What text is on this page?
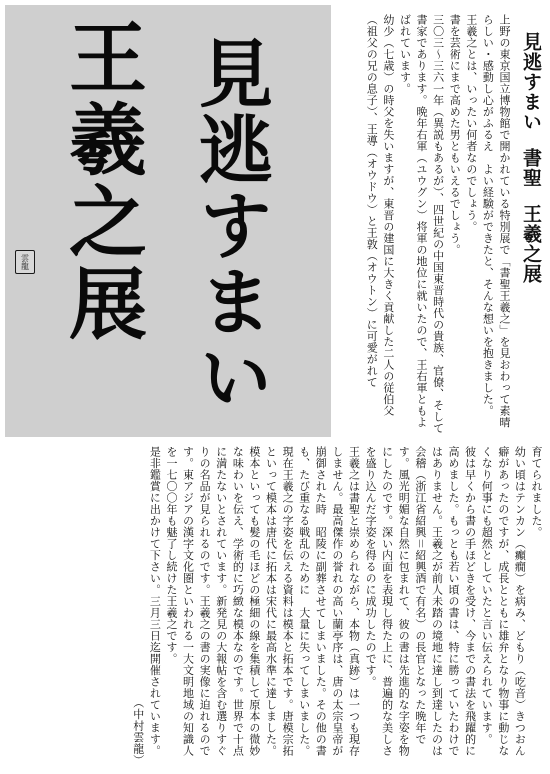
見逃すまい
王羲之展
雲龍
見逃すまい書聖王羲之展

上野の東京国立博物館で開かれている特別展で「書聖王羲之」を見おわって素晴らしい・感動し心がふるえ　よい経験ができたと、そんな想いを抱きました。

王羲之とは、いったい何者なのでしょう。

書を芸術にまで高めた男ともいえるでしょう。

三〇三～三六一年（異説もあるが）、四世紀の中国東晋時代の貴族、官僚、そして書家であります。晩年右軍（ユウグン）将軍の地位に就いたので、王右軍ともよばれています。

幼少（七歳）の時父を失いますが、東晋の建国に大きく貢献した二人の従伯父（祖父の兄の息子）、王導（オウドウ）と王敦（オウトン）に可愛がれて

育てられました。

幼い頃はテンカン（癲癇）を病み、どもり（吃音）きつおん癖があったのですが、成長とともに雄弁となり物事に動じなくなり何事にも超然としていたと言い伝えられています。

彼は早くから書の手ほどきを受け、今までの書法を飛躍的に高めました。もっとも若い頃の書は、特に勝っていたわけではありません。王羲之が前人未踏の境地に達し到達したのは会稽（浙江省紹興＝紹興酒で有名）の長官となった晩年です。風光明媚な自然に包まれて、彼の書は先進的な字姿を物にしたのです。深い内面を表現し得た上に、普遍的な美しさを盛り込んだ字姿を得るのに成功したのです。

王羲之は書聖と崇められながら、本物（真跡）は一つも現存しません。最高傑作の誉れの高い蘭亭序は、唐の太宗皇帝が崩御された時　昭陵に副葬させてしまいました。その他の書も、たび重なる戦乱のために　大量に失ってしまいました。現在王羲之の字姿を伝える資料は模本と拓本です。唐模宗拓といって模本は唐代に拓本は宋代に最高水準に達しました。模本といっても髪の毛ほどの極細の線を集積して原本の微妙な味わいを伝え、学術的に巧緻な模本なのです。世界で十点に満たないとされています。新発見の大報帖を含む選りすぐりの名品が見られるのです。王羲之の書の実像に迫れるのです。東アジアの漢字文化圏といわれる一大文明地域の知識人を一七〇〇年も魅了し続けた王羲之です。

是非鑑賞に出かけて下さい。三月三日迄開催されています。

（中村雲龍）
